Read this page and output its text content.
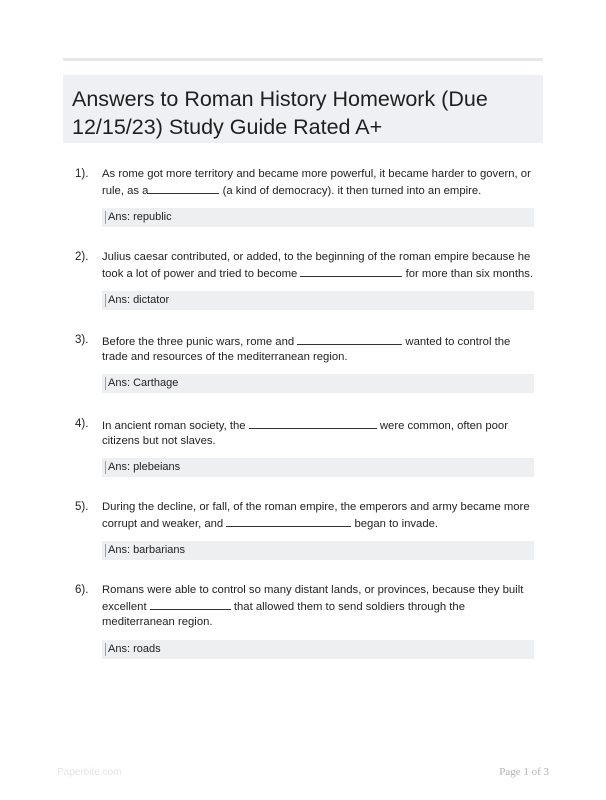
Answers to Roman History Homework (Due 12/15/23) Study Guide Rated A+
1). As rome got more territory and became more powerful, it became harder to govern, or rule, as a	(a kind of democracy). it then turned into an empire.
Ans: republic
2). Julius caesar contributed, or added, to the beginning of the roman empire because he took a lot of power and tried to become	for more than six months.
Ans: dictator
3). Before the three punic wars, rome and	wanted to control the trade and resources of the mediterranean region.
Ans: Carthage
4). In ancient roman society, the	were common, often poor citizens but not slaves.
Ans: plebeians
5). During the decline, or fall, of the roman empire, the emperors and army became more corrupt and weaker, and	began to invade.
Ans: barbarians
6). Romans were able to control so many distant lands, or provinces, because they built excellent	that allowed them to send soldiers through the mediterranean region.
Ans: roads
Paperbite.com	Page 1 of 3
